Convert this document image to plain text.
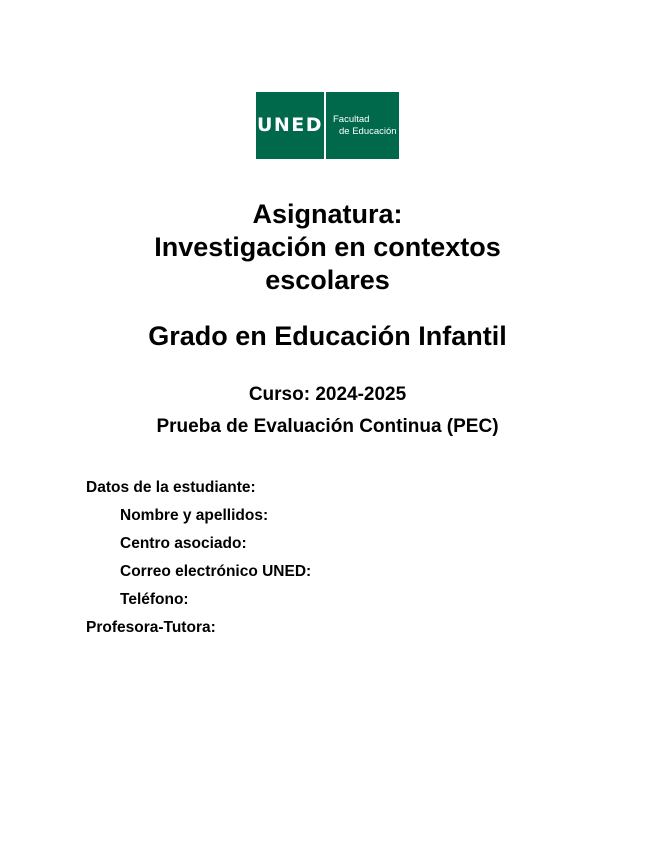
UNED Facultad
de Educación
Asignatura:
Investigación en contextos
escolares
Grado en Educación Infantil
Curso: 2024-2025
Prueba de Evaluación Continua (PEC)
Datos de la estudiante:
Nombre y apellidos:
Centro asociado:
Correo electrónico UNED:
Teléfono:
Profesora-Tutora:
